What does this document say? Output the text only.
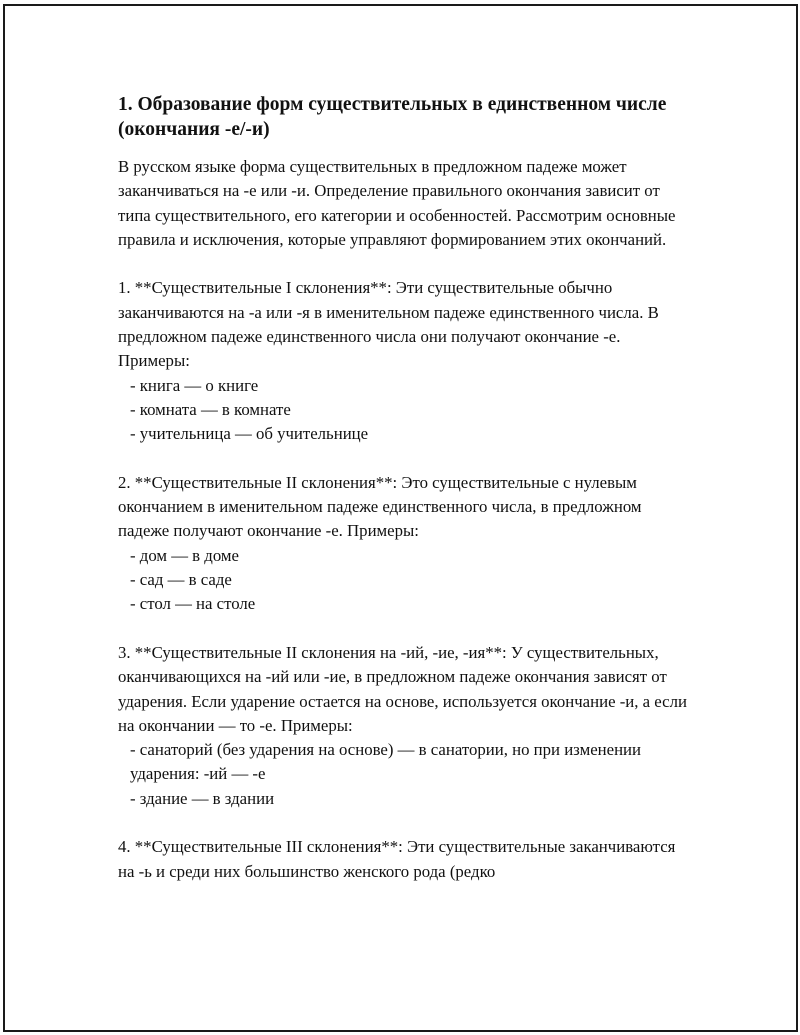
1. Образование форм существительных в единственном числе (окончания -е/-и)

В русском языке форма существительных в предложном падеже может заканчиваться на -е или -и. Определение правильного окончания зависит от типа существительного, его категории и особенностей. Рассмотрим основные правила и исключения, которые управляют формированием этих окончаний.

1. **Существительные I склонения**: Эти существительные обычно заканчиваются на -а или -я в именительном падеже единственного числа. В предложном падеже единственного числа они получают окончание -е. Примеры:

- книга — о книге

- комната — в комнате

- учительница — об учительнице

2. **Существительные II склонения**: Это существительные с нулевым окончанием в именительном падеже единственного числа, в предложном падеже получают окончание -е. Примеры:

- дом — в доме

- сад — в саде

- стол — на столе

3. **Существительные II склонения на -ий, -ие, -ия**: У существительных, оканчивающихся на -ий или -ие, в предложном падеже окончания зависят от ударения. Если ударение остается на основе, используется окончание -и, а если на окончании — то -е. Примеры:

- санаторий (без ударения на основе) — в санатории, но при изменении ударения: -ий — -е

- здание — в здании

4. **Существительные III склонения**: Эти существительные заканчиваются на -ь и среди них большинство женского рода (редко
